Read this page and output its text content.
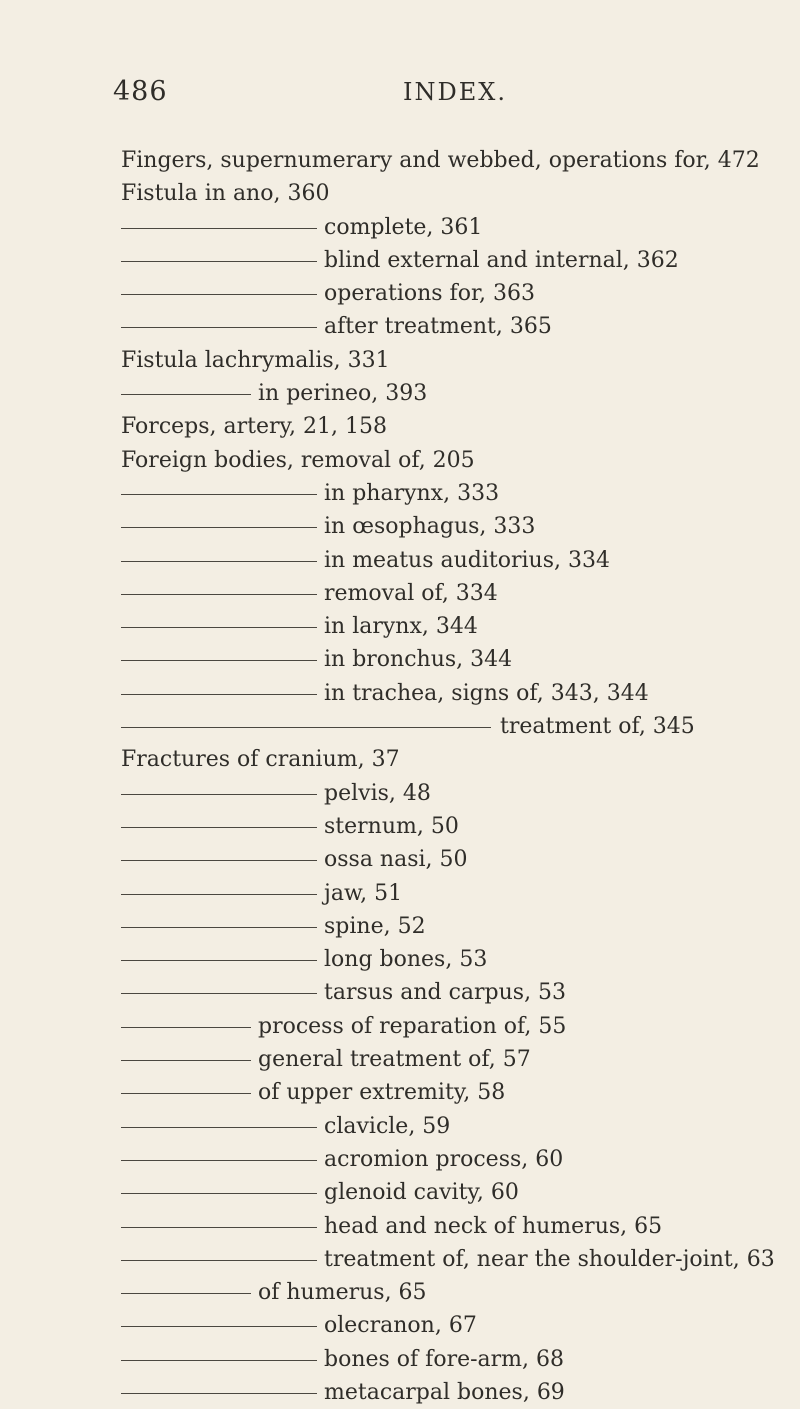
486	INDEX.
Fingers, supernumerary and webbed, operations for, 472
Fistula in ano, 360
complete, 361
blind external and internal, 362
operations for, 363
after treatment, 365
Fistula lachrymalis, 331
in perineo, 393
Forceps, artery, 21, 158
Foreign bodies, removal of, 205
in pharynx, 333
in œsophagus, 333
in meatus auditorius, 334
removal of, 334
in larynx, 344
in bronchus, 344
in trachea, signs of, 343, 344
treatment of, 345
Fractures of cranium, 37
pelvis, 48
sternum, 50
ossa nasi, 50
jaw, 51
spine, 52
long bones, 53
tarsus and carpus, 53
process of reparation of, 55
general treatment of, 57
of upper extremity, 58
clavicle, 59
acromion process, 60
glenoid cavity, 60
head and neck of humerus, 65
treatment of, near the shoulder-joint, 63
of humerus, 65
olecranon, 67
bones of fore-arm, 68
metacarpal bones, 69
